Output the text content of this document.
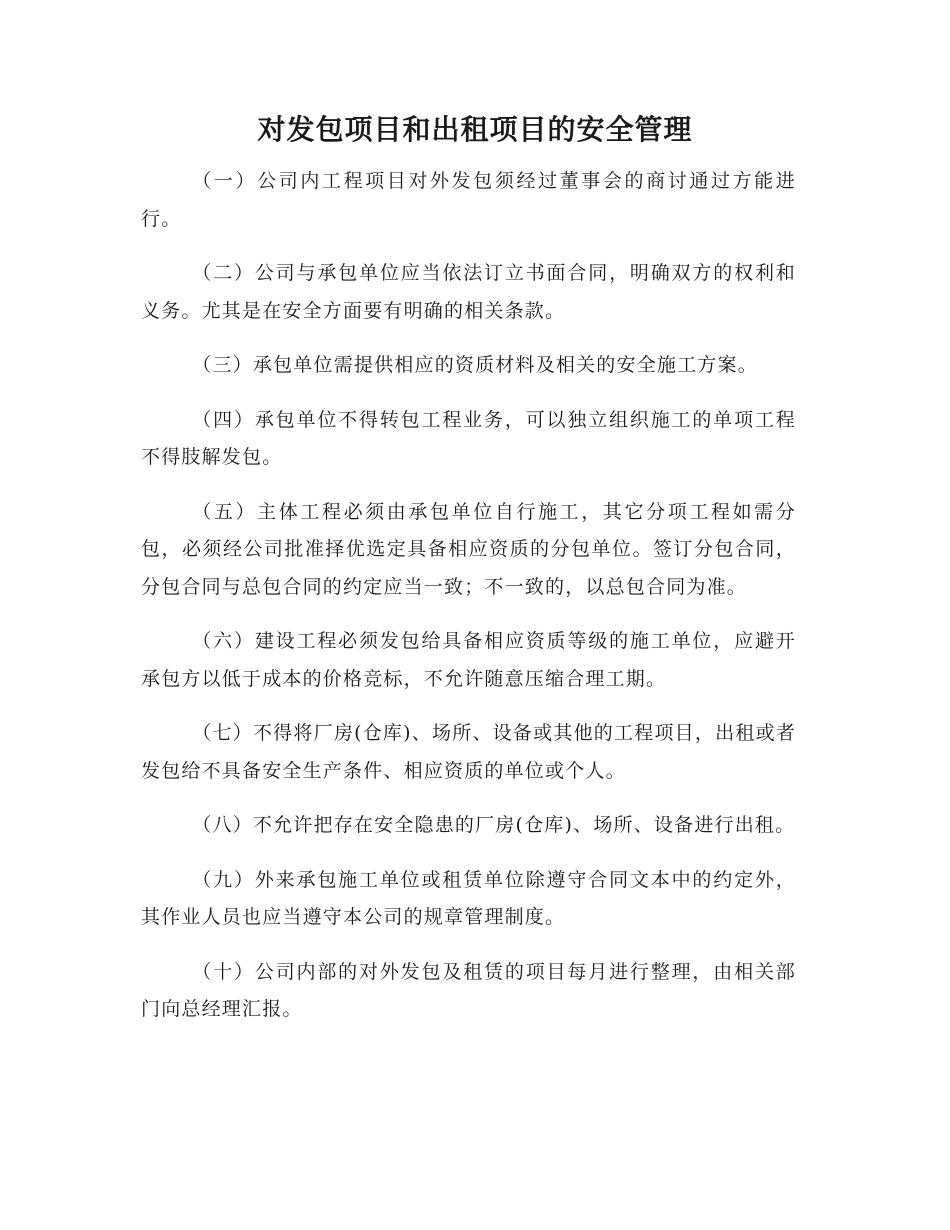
对发包项目和出租项目的安全管理

（一）公司内工程项目对外发包须经过董事会的商讨通过方能进行。

（二）公司与承包单位应当依法订立书面合同，明确双方的权利和义务。尤其是在安全方面要有明确的相关条款。

（三）承包单位需提供相应的资质材料及相关的安全施工方案。

（四）承包单位不得转包工程业务，可以独立组织施工的单项工程不得肢解发包。

（五）主体工程必须由承包单位自行施工，其它分项工程如需分包，必须经公司批准择优选定具备相应资质的分包单位。签订分包合同，分包合同与总包合同的约定应当一致；不一致的，以总包合同为准。

（六）建设工程必须发包给具备相应资质等级的施工单位，应避开承包方以低于成本的价格竞标，不允许随意压缩合理工期。

（七）不得将厂房(仓库)、场所、设备或其他的工程项目，出租或者发包给不具备安全生产条件、相应资质的单位或个人。

（八）不允许把存在安全隐患的厂房(仓库)、场所、设备进行出租。

（九）外来承包施工单位或租赁单位除遵守合同文本中的约定外，其作业人员也应当遵守本公司的规章管理制度。

（十）公司内部的对外发包及租赁的项目每月进行整理，由相关部门向总经理汇报。
